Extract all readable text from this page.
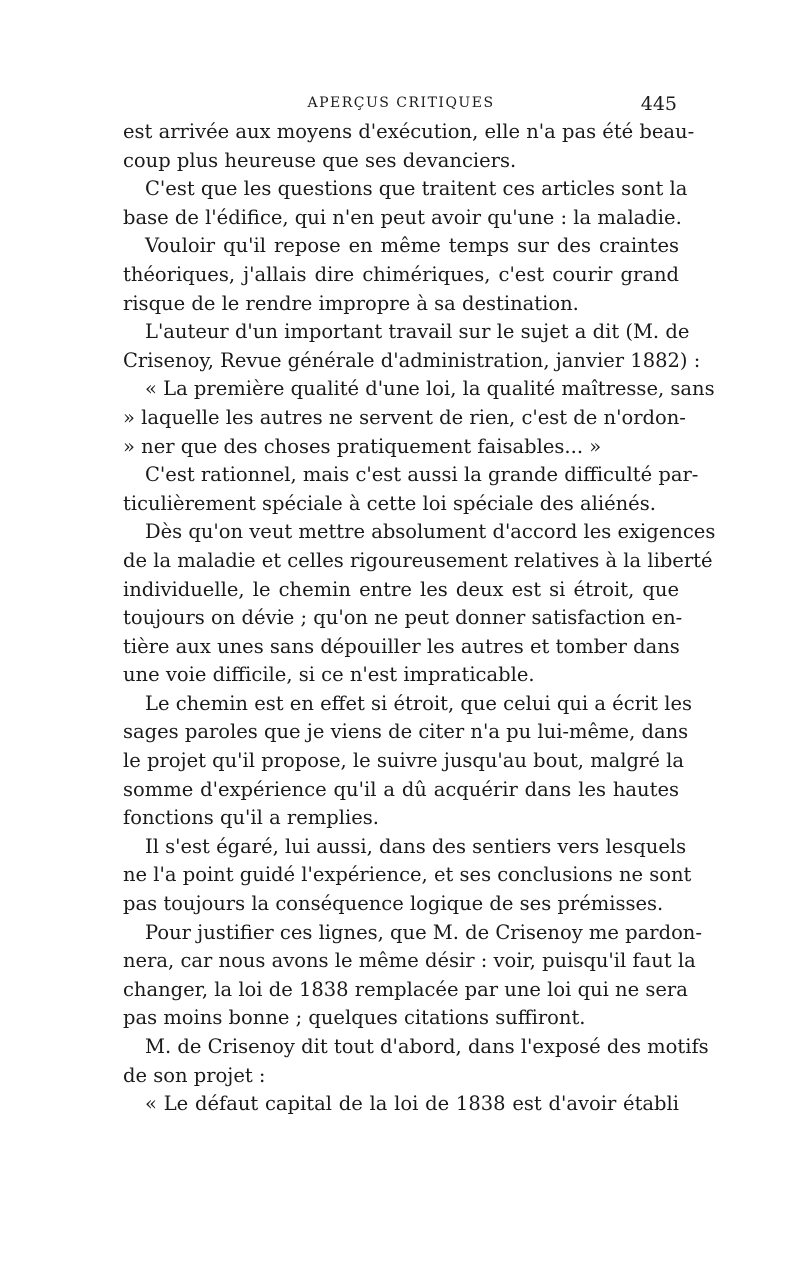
APERÇUS CRITIQUES	445
est arrivée aux moyens d'exécution, elle n'a pas été beau-
coup plus heureuse que ses devanciers.
C'est que les questions que traitent ces articles sont la
base de l'édifice, qui n'en peut avoir qu'une : la maladie.
Vouloir qu'il repose en même temps sur des craintes
théoriques, j'allais dire chimériques, c'est courir grand
risque de le rendre impropre à sa destination.
L'auteur d'un important travail sur le sujet a dit (M. de
Crisenoy, Revue générale d'administration, janvier 1882) :
« La première qualité d'une loi, la qualité maîtresse, sans
» laquelle les autres ne servent de rien, c'est de n'ordon-
» ner que des choses pratiquement faisables... »
C'est rationnel, mais c'est aussi la grande difficulté par-
ticulièrement spéciale à cette loi spéciale des aliénés.
Dès qu'on veut mettre absolument d'accord les exigences
de la maladie et celles rigoureusement relatives à la liberté
individuelle, le chemin entre les deux est si étroit, que
toujours on dévie ; qu'on ne peut donner satisfaction en-
tière aux unes sans dépouiller les autres et tomber dans
une voie difficile, si ce n'est impraticable.
Le chemin est en effet si étroit, que celui qui a écrit les
sages paroles que je viens de citer n'a pu lui-même, dans
le projet qu'il propose, le suivre jusqu'au bout, malgré la
somme d'expérience qu'il a dû acquérir dans les hautes
fonctions qu'il a remplies.
Il s'est égaré, lui aussi, dans des sentiers vers lesquels
ne l'a point guidé l'expérience, et ses conclusions ne sont
pas toujours la conséquence logique de ses prémisses.
Pour justifier ces lignes, que M. de Crisenoy me pardon-
nera, car nous avons le même désir : voir, puisqu'il faut la
changer, la loi de 1838 remplacée par une loi qui ne sera
pas moins bonne ; quelques citations suffiront.
M. de Crisenoy dit tout d'abord, dans l'exposé des motifs
de son projet :
« Le défaut capital de la loi de 1838 est d'avoir établi
